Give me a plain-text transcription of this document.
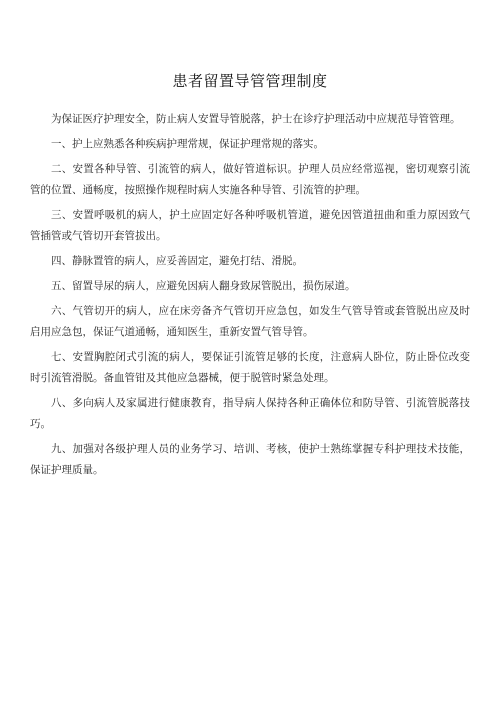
患者留置导管管理制度

为保证医疗护理安全，防止病人安置导管脱落，护士在诊疗护理活动中应规范导管管理。

一、护上应熟悉各种疾病护理常规，保证护理常规的落实。

二、安置各种导管、引流管的病人，做好管道标识。护理人员应经常巡视，密切观察引流管的位置、通畅度，按照操作规程时病人实施各种导管、引流管的护理。

三、安置呼吸机的病人，护土应固定好各种呼吸机管道，避免因管道扭曲和重力原因致气管插管或气管切开套管拔出。

四、静脉置管的病人，应妥善固定，避免打结、滑脱。

五、留置导尿的病人，应避免因病人翻身致尿管脱出，损伤尿道。

六、气管切开的病人，应在床旁备齐气管切开应急包，如发生气管导管或套管脱出应及时启用应急包，保证气道通畅，通知医生，重新安置气管导管。

七、安置胸腔闭式引流的病人，要保证引流管足够的长度，注意病人卧位，防止卧位改变时引流管滑脱。备血管钳及其他应急器械，便于脱管时紧急处理。

八、多向病人及家属进行健康教育，指导病人保持各种正确体位和防导管、引流管脱落技巧。

九、加强对各级护理人员的业务学习、培训、考核，使护士熟练掌握专科护理技术技能，保证护理质量。
